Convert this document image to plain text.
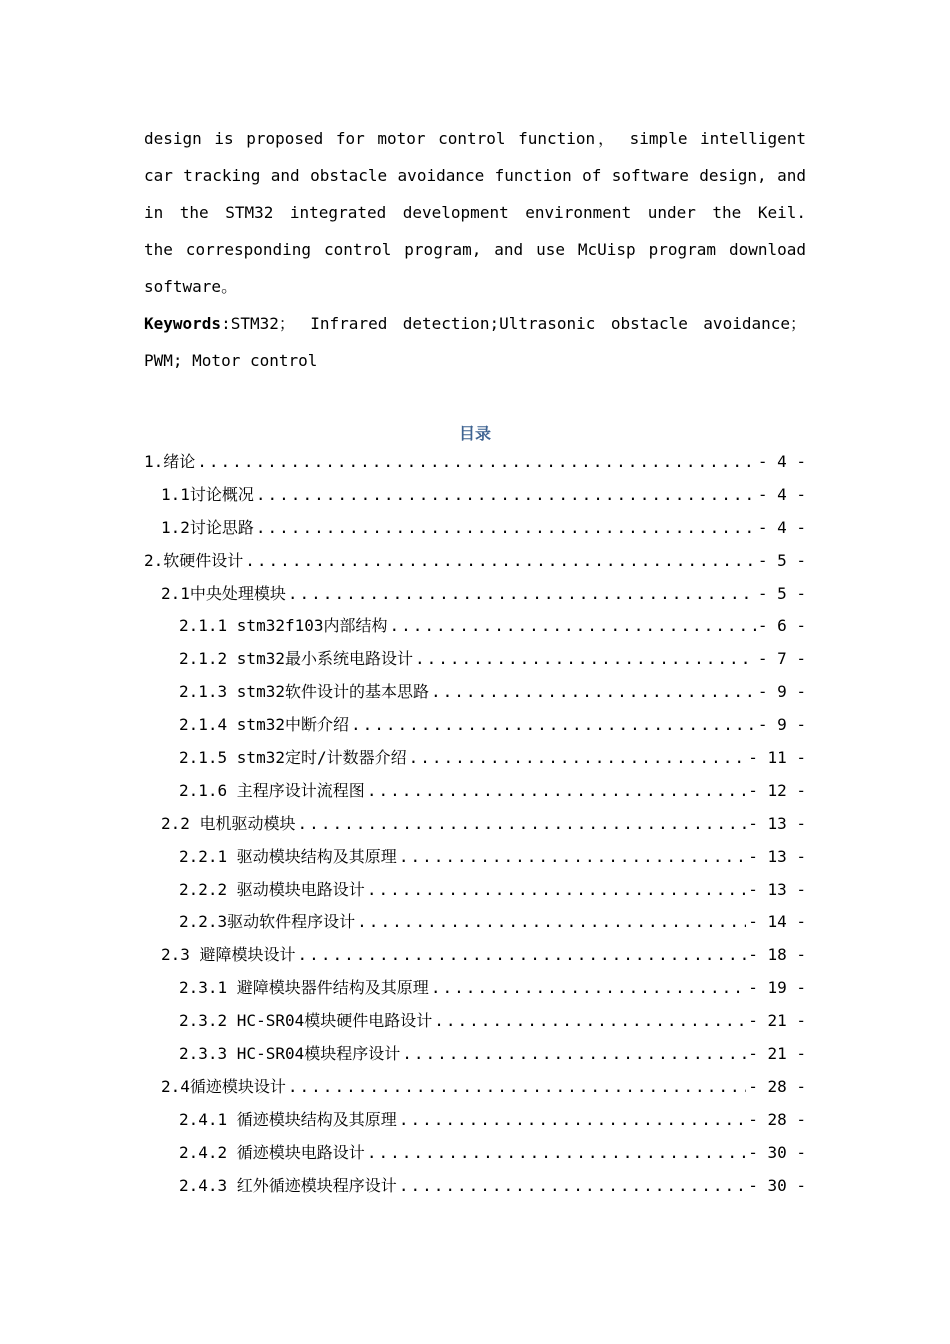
design is proposed for motor control function， simple intelligent
car tracking and obstacle avoidance function of software design, and
in the STM32 integrated development environment under the Keil.
the corresponding control program, and use McUisp program download
software。
Keywords:STM32； Infrared detection;Ultrasonic obstacle avoidance；
PWM; Motor control
目录
1.绪论 .....	- 4 -
1.1讨论概况 .....	- 4 -
1.2讨论思路 .....	- 4 -
2.软硬件设计 .....	- 5 -
2.1中央处理模块 .....	- 5 -
2.1.1 stm32f103内部结构 .....	- 6 -
2.1.2 stm32最小系统电路设计 .....	- 7 -
2.1.3 stm32软件设计的基本思路 .....	- 9 -
2.1.4 stm32中断介绍 .....	- 9 -
2.1.5 stm32定时/计数器介绍 .....	- 11 -
2.1.6 主程序设计流程图 .....	- 12 -
2.2 电机驱动模块 .....	- 13 -
2.2.1 驱动模块结构及其原理 .....	- 13 -
2.2.2 驱动模块电路设计 .....	- 13 -
2.2.3驱动软件程序设计 .....	- 14 -
2.3 避障模块设计 .....	- 18 -
2.3.1 避障模块器件结构及其原理 .....	- 19 -
2.3.2 HC-SR04模块硬件电路设计 .....	- 21 -
2.3.3 HC-SR04模块程序设计 .....	- 21 -
2.4循迹模块设计 .....	- 28 -
2.4.1 循迹模块结构及其原理 .....	- 28 -
2.4.2 循迹模块电路设计 .....	- 30 -
2.4.3 红外循迹模块程序设计 .....	- 30 -
